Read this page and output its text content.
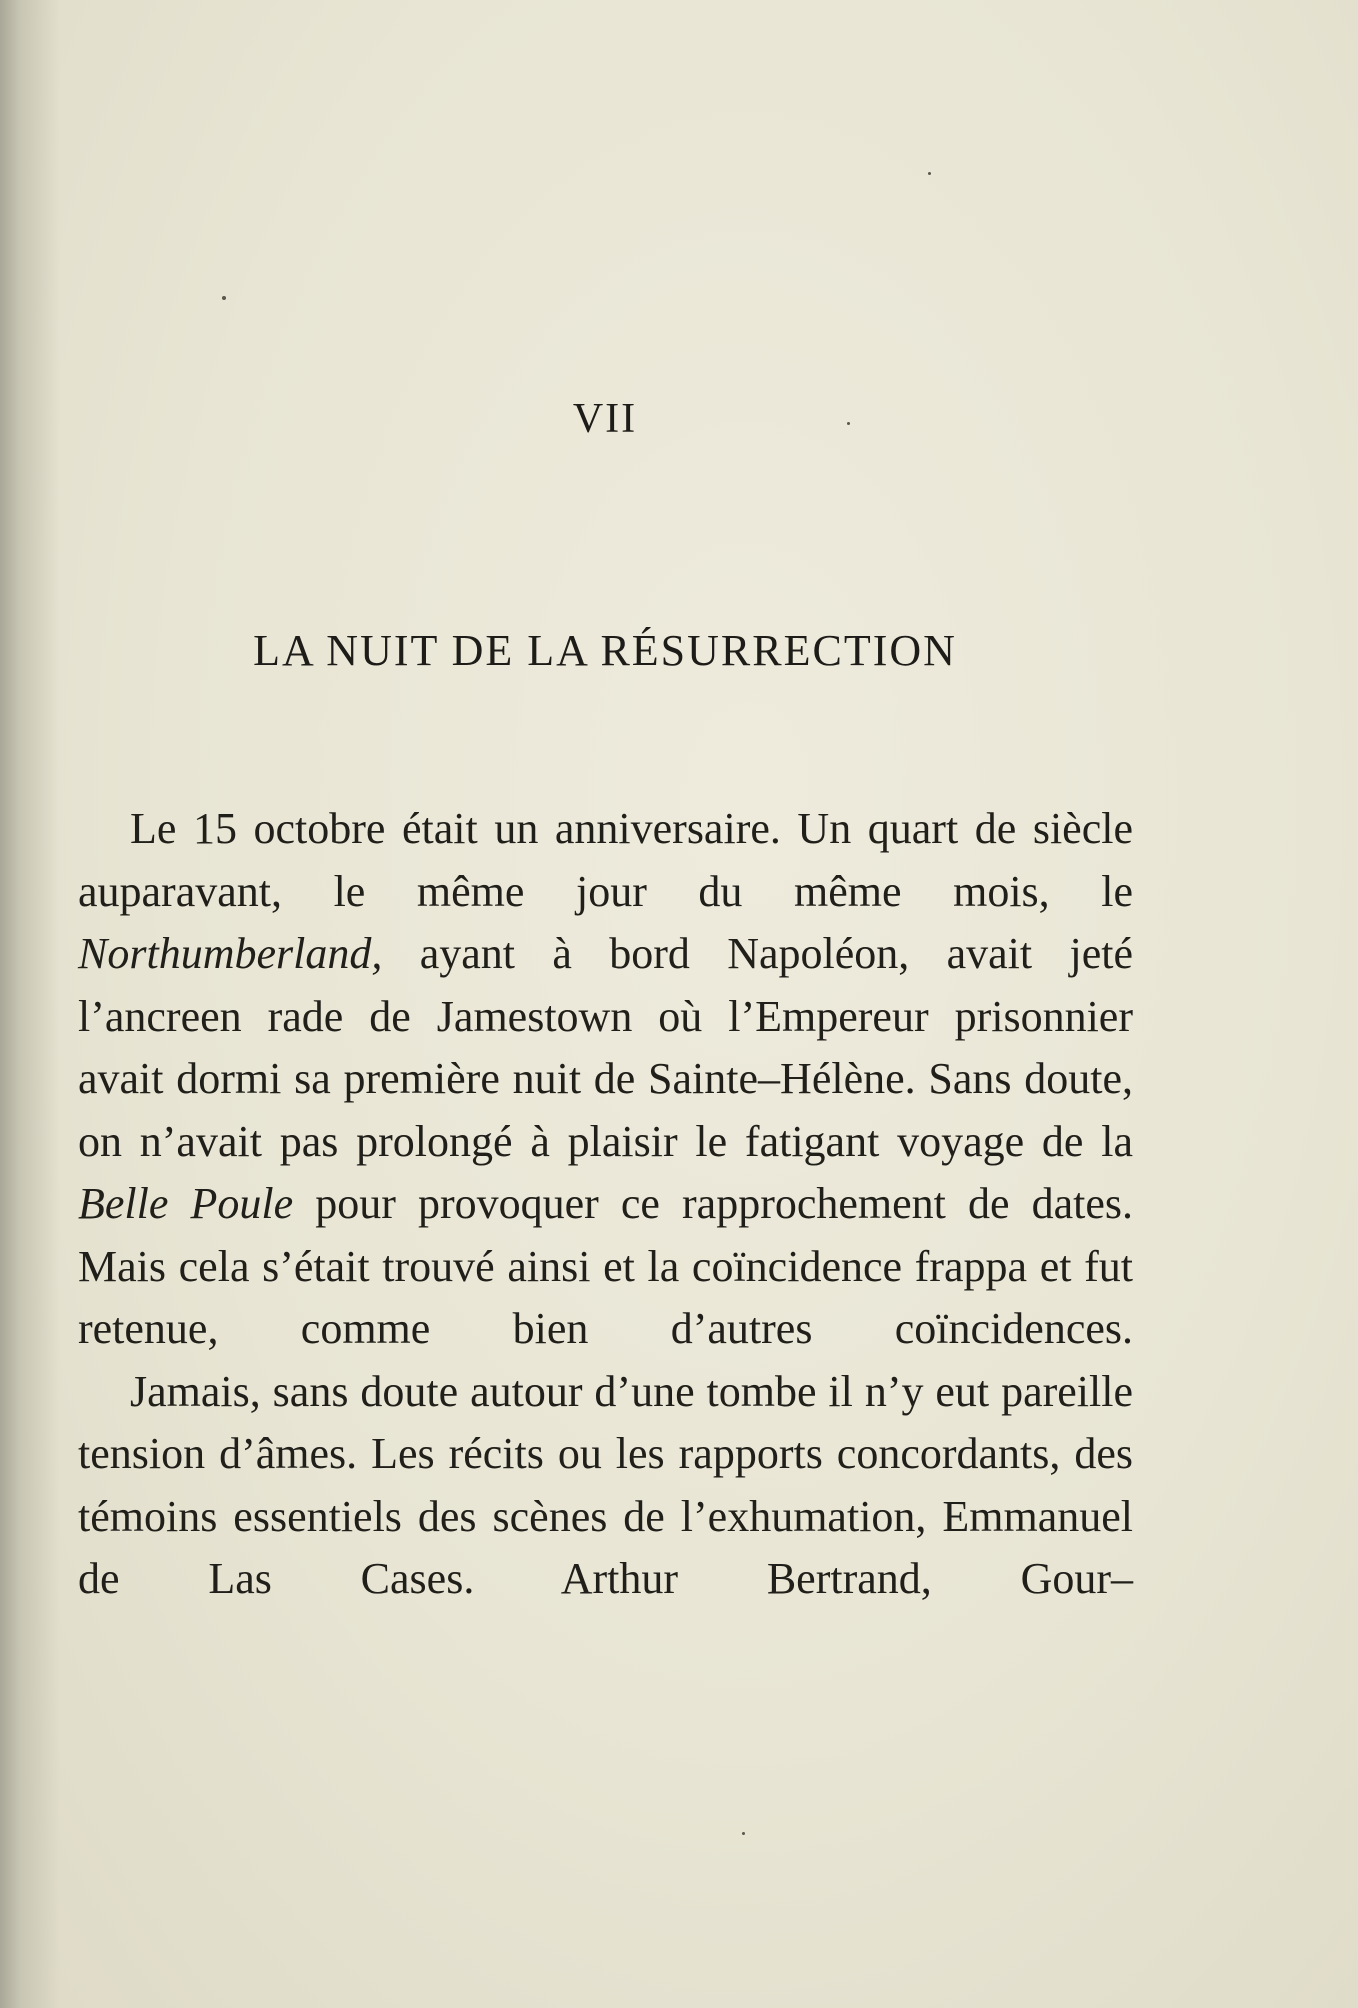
VII
LA NUIT DE LA RÉSURRECTION

Le 15 octobre était un anniversaire. Un quart de siècle auparavant, le même jour du même mois, le Northumberland, ayant à bord Napoléon, avait jeté l’ancreen rade de Jamestown où l’Empereur prisonnier avait dormi sa première nuit de Sainte–Hélène. Sans doute, on n’avait pas prolongé à plaisir le fatigant voyage de la Belle Poule pour provoquer ce rapprochement de dates. Mais cela s’était trouvé ainsi et la coïncidence frappa et fut retenue, comme bien d’autres coïncidences.

Jamais, sans doute autour d’une tombe il n’y eut pareille tension d’âmes. Les récits ou les rapports concordants, des témoins essentiels des scènes de l’exhumation, Emmanuel de Las Cases. Arthur Bertrand, Gour–
